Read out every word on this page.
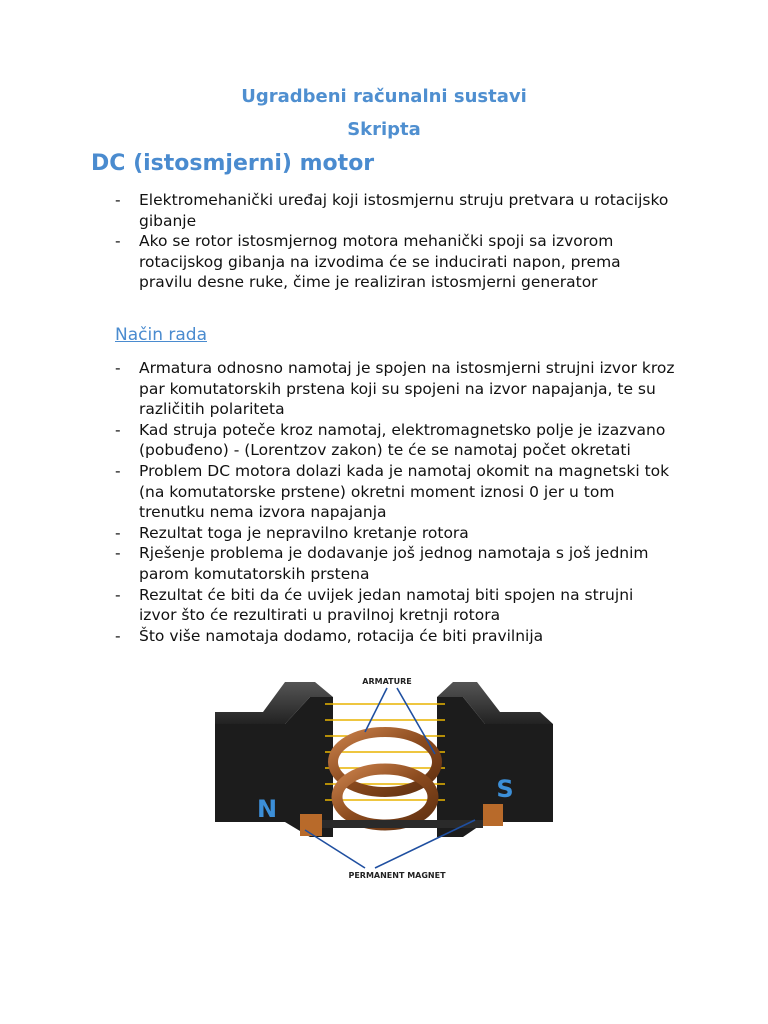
Ugradbeni računalni sustavi
Skripta
DC (istosmjerni) motor
- Elektromehanički uređaj koji istosmjernu struju pretvara u rotacijsko gibanje
- Ako se rotor istosmjernog motora mehanički spoji sa izvorom rotacijskog gibanja na izvodima će se inducirati napon, prema pravilu desne ruke, čime je realiziran istosmjerni generator
Način rada
- Armatura odnosno namotaj je spojen na istosmjerni strujni izvor kroz par komutatorskih prstena koji su spojeni na izvor napajanja, te su različitih polariteta
- Kad struja poteče kroz namotaj, elektromagnetsko polje je izazvano (pobuđeno) - (Lorentzov zakon) te će se namotaj počet okretati
- Problem DC motora dolazi kada je namotaj okomit na magnetski tok (na komutatorske prstene) okretni moment iznosi 0 jer u tom trenutku nema izvora napajanja
- Rezultat toga je nepravilno kretanje rotora
- Rješenje problema je dodavanje još jednog namotaja s još jednim parom komutatorskih prstena
- Rezultat će biti da će uvijek jedan namotaj biti spojen na strujni izvor što će rezultirati u pravilnoj kretnji rotora
- Što više namotaja dodamo, rotacija će biti pravilnija
N
S
ARMATURE
PERMANENT MAGNET
